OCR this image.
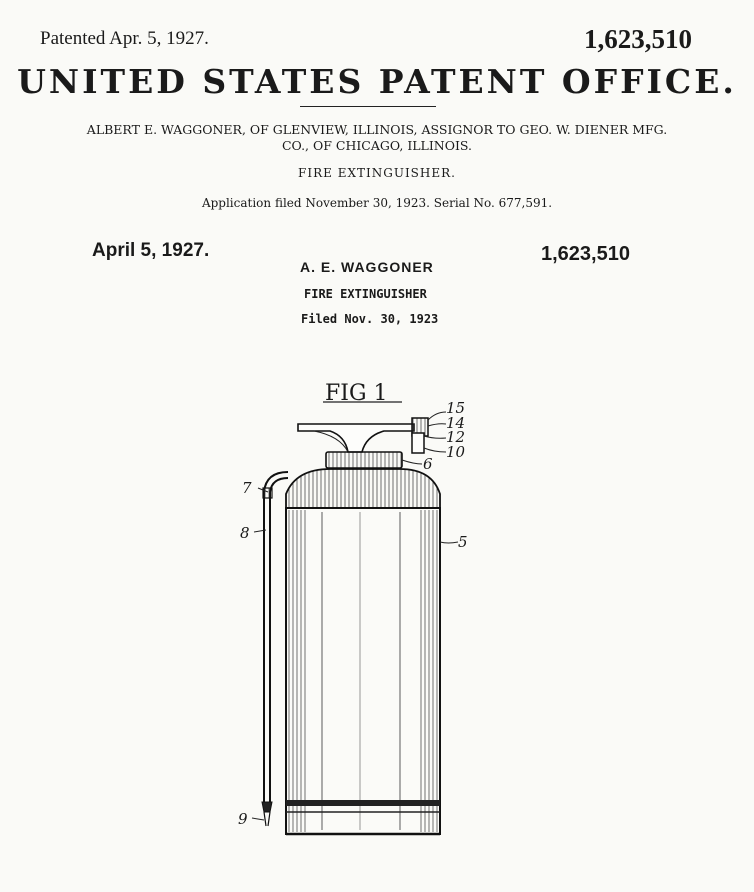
Patented Apr. 5, 1927.	1,623,510
UNITED STATES PATENT OFFICE.
ALBERT E. WAGGONER, OF GLENVIEW, ILLINOIS, ASSIGNOR TO GEO. W. DIENER MFG.
CO., OF CHICAGO, ILLINOIS.
FIRE EXTINGUISHER.
Application filed November 30, 1923. Serial No. 677,591.
April 5, 1927.	1,623,510
A. E. WAGGONER
FIRE EXTINGUISHER
Filed Nov. 30, 1923
FIG 1
15
14
12
10
6
7
8	5
9
